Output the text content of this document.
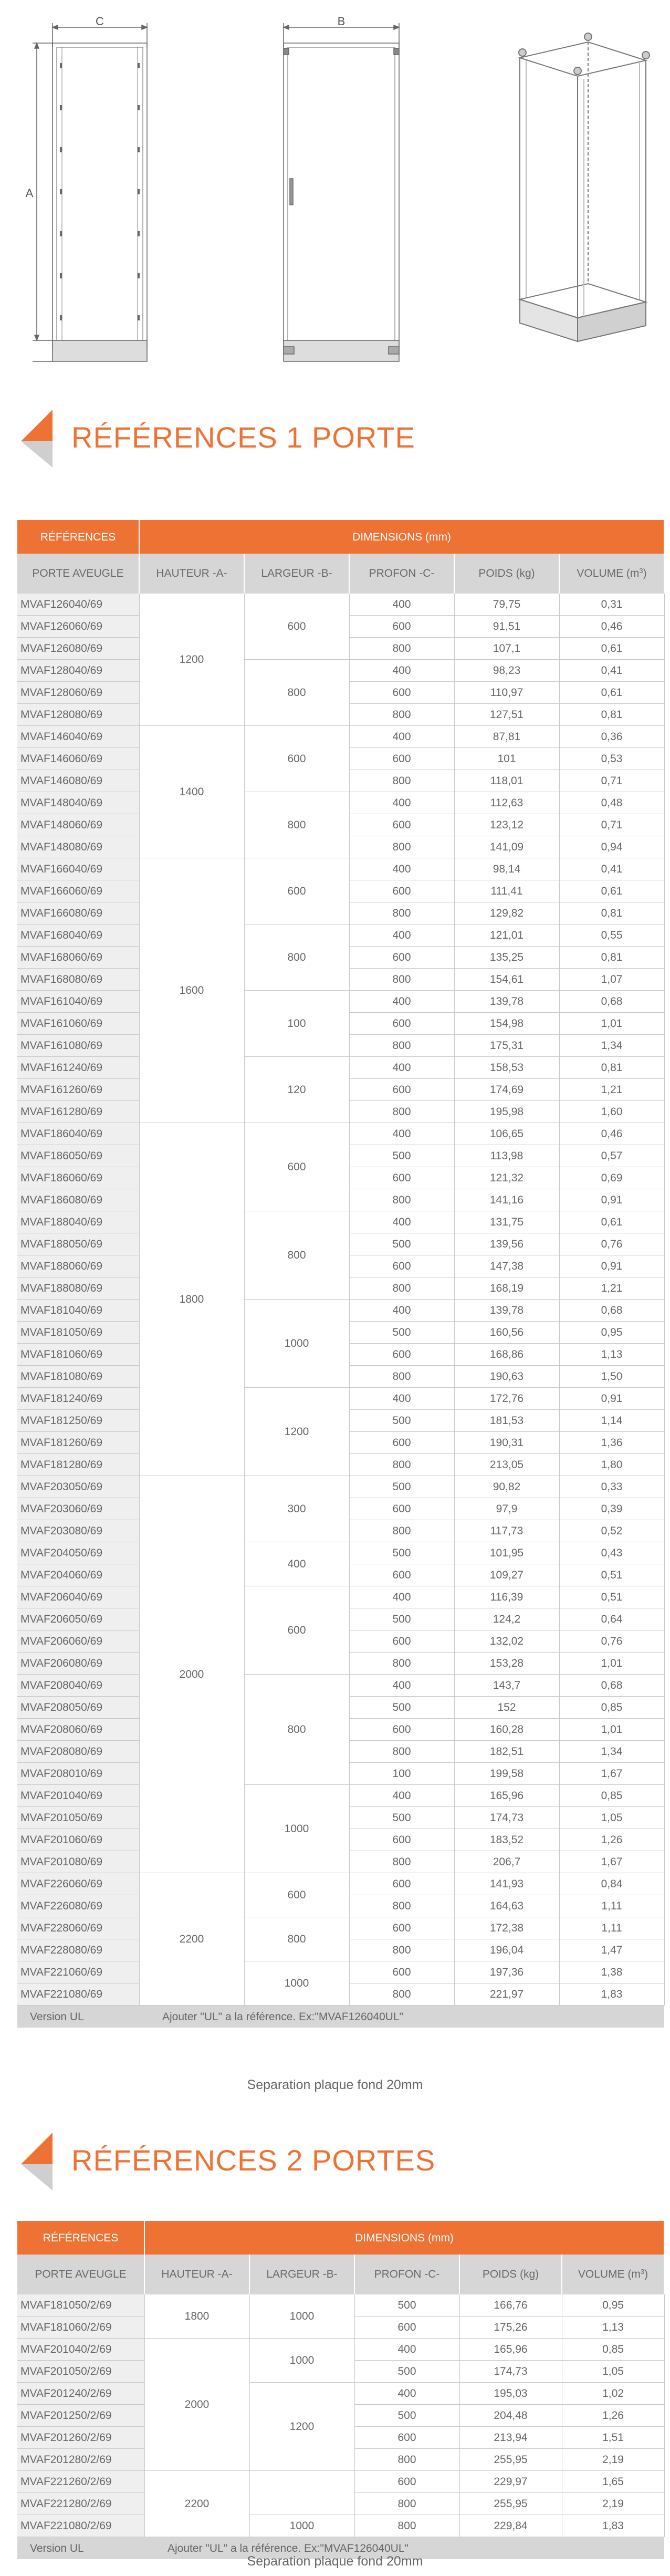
C
A
B
RÉFÉRENCES 1 PORTE
RÉFÉRENCES	DIMENSIONS (mm)				
PORTE AVEUGLE	HAUTEUR -A-	LARGEUR -B-	PROFON -C-	POIDS (kg)	VOLUME $(m^3)$
MVAF126040/69	1200	600	400	79,75	0,31
MVAF126060/69			600	91,51	0,46
MVAF126080/69			800	107,1	0,61
MVAF128040/69		800	400	98,23	0,41
MVAF128060/69			600	110,97	0,61
MVAF128080/69			800	127,51	0,81
MVAF146040/69	1400	600	400	87,81	0,36
MVAF146060/69			600	101	0,53
MVAF146080/69			800	118,01	0,71
MVAF148040/69		800	400	112,63	0,48
MVAF148060/69			600	123,12	0,71
MVAF148080/69			800	141,09	0,94
MVAF166040/69	1600	600	400	98,14	0,41
MVAF166060/69			600	111,41	0,61
MVAF166080/69			800	129,82	0,81
MVAF168040/69		800	400	121,01	0,55
MVAF168060/69			600	135,25	0,81
MVAF168080/69			800	154,61	1,07
MVAF161040/69		100	400	139,78	0,68
MVAF161060/69			600	154,98	1,01
MVAF161080/69			800	175,31	1,34
MVAF161240/69		120	400	158,53	0,81
MVAF161260/69			600	174,69	1,21
MVAF161280/69			800	195,98	1,60
MVAF186040/69	1800	600	400	106,65	0,46
MVAF186050/69			500	113,98	0,57
MVAF186060/69			600	121,32	0,69
MVAF186080/69			800	141,16	0,91
MVAF188040/69		800	400	131,75	0,61
MVAF188050/69			500	139,56	0,76
MVAF188060/69			600	147,38	0,91
MVAF188080/69			800	168,19	1,21
MVAF181040/69		1000	400	139,78	0,68
MVAF181050/69			500	160,56	0,95
MVAF181060/69			600	168,86	1,13
MVAF181080/69			800	190,63	1,50
MVAF181240/69		1200	400	172,76	0,91
MVAF181250/69			500	181,53	1,14
MVAF181260/69			600	190,31	1,36
MVAF181280/69			800	213,05	1,80
MVAF203050/69	2000	300	500	90,82	0,33
MVAF203060/69			600	97,9	0,39
MVAF203080/69			800	117,73	0,52
MVAF204050/69		400	500	101,95	0,43
MVAF204060/69			600	109,27	0,51
MVAF206040/69		600	400	116,39	0,51
MVAF206050/69			500	124,2	0,64
MVAF206060/69			600	132,02	0,76
MVAF206080/69			800	153,28	1,01
MVAF208040/69		800	400	143,7	0,68
MVAF208050/69			500	152	0,85
MVAF208060/69			600	160,28	1,01
MVAF208080/69			800	182,51	1,34
MVAF208010/69			100	199,58	1,67
MVAF201040/69		1000	400	165,96	0,85
MVAF201050/69			500	174,73	1,05
MVAF201060/69			600	183,52	1,26
MVAF201080/69			800	206,7	1,67
MVAF226060/69	2200	600	600	141,93	0,84
MVAF226080/69			800	164,63	1,11
MVAF228060/69		800	600	172,38	1,11
MVAF228080/69			800	196,04	1,47
MVAF221060/69		1000	600	197,36	1,38
MVAF221080/69			800	221,97	1,83
Version UL	Ajouter "UL" a la référence. Ex:"MVAF126040UL"				
Separation plaque fond 20mm
RÉFÉRENCES 2 PORTES
RÉFÉRENCES	DIMENSIONS (mm)				
PORTE AVEUGLE	HAUTEUR -A-	LARGEUR -B-	PROFON -C-	POIDS (kg)	VOLUME $(m^3)$
MVAF181050/2/69	1800	1000	500	166,76	0,95
MVAF181060/2/69			600	175,26	1,13
MVAF201040/2/69	2000	1000	400	165,96	0,85
MVAF201050/2/69			500	174,73	1,05
MVAF201240/2/69		1200	400	195,03	1,02
MVAF201250/2/69			500	204,48	1,26
MVAF201260/2/69			600	213,94	1,51
MVAF201280/2/69			800	255,95	2,19
MVAF221260/2/69	2200		600	229,97	1,65
MVAF221280/2/69			800	255,95	2,19
MVAF221080/2/69		1000	800	229,84	1,83
Version UL	Ajouter "UL" a la référence. Ex:"MVAF126040UL"				
Separation plaque fond 20mm
